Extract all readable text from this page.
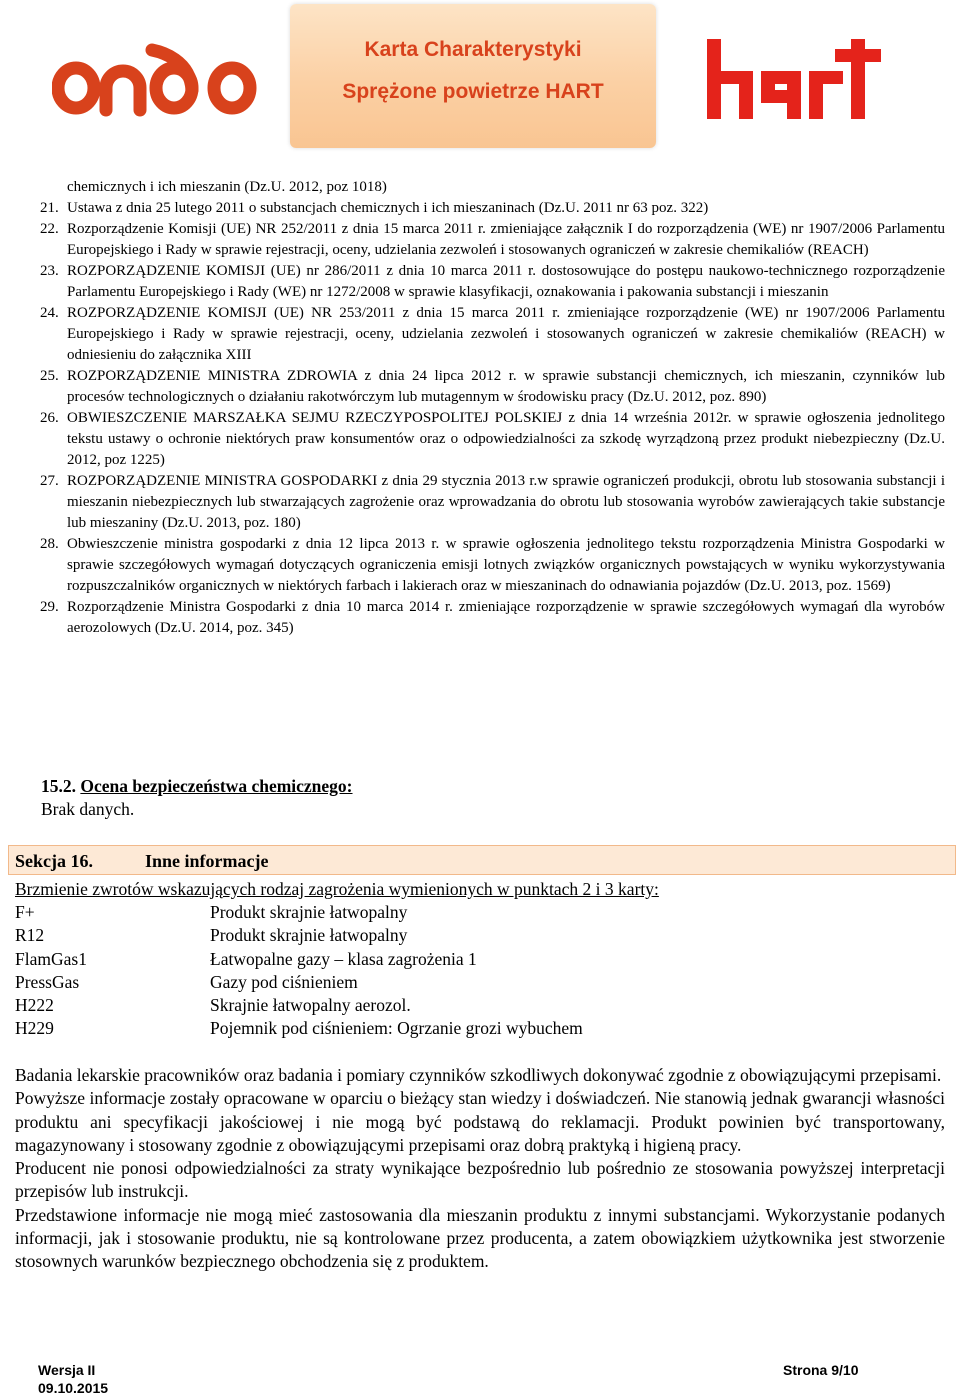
Karta Charakterystyki
Sprężone powietrze HART
chemicznych i ich mieszanin (Dz.U. 2012, poz 1018)
21. Ustawa z dnia 25 lutego 2011 o substancjach chemicznych i ich mieszaninach (Dz.U. 2011 nr 63 poz. 322)
22. Rozporządzenie Komisji (UE) NR 252/2011 z dnia 15 marca 2011 r. zmieniające załącznik I do rozporządzenia (WE) nr 1907/2006 Parlamentu Europejskiego i Rady w sprawie rejestracji, oceny, udzielania zezwoleń i stosowanych ograniczeń w zakresie chemikaliów (REACH)
23. ROZPORZĄDZENIE KOMISJI (UE) nr 286/2011 z dnia 10 marca 2011 r. dostosowujące do postępu naukowo-technicznego rozporządzenie Parlamentu Europejskiego i Rady (WE) nr 1272/2008 w sprawie klasyfikacji, oznakowania i pakowania substancji i mieszanin
24. ROZPORZĄDZENIE KOMISJI (UE) NR 253/2011 z dnia 15 marca 2011 r. zmieniające rozporządzenie (WE) nr 1907/2006 Parlamentu Europejskiego i Rady w sprawie rejestracji, oceny, udzielania zezwoleń i stosowanych ograniczeń w zakresie chemikaliów (REACH) w odniesieniu do załącznika XIII
25. ROZPORZĄDZENIE MINISTRA ZDROWIA z dnia 24 lipca 2012 r. w sprawie substancji chemicznych, ich mieszanin, czynników lub procesów technologicznych o działaniu rakotwórczym lub mutagennym w środowisku pracy (Dz.U. 2012, poz. 890)
26. OBWIESZCZENIE MARSZAŁKA SEJMU RZECZYPOSPOLITEJ POLSKIEJ z dnia 14 września 2012r. w sprawie ogłoszenia jednolitego tekstu ustawy o ochronie niektórych praw konsumentów oraz o odpowiedzialności za szkodę wyrządzoną przez produkt niebezpieczny (Dz.U. 2012, poz 1225)
27. ROZPORZĄDZENIE MINISTRA GOSPODARKI z dnia 29 stycznia 2013 r.w sprawie ograniczeń produkcji, obrotu lub stosowania substancji i mieszanin niebezpiecznych lub stwarzających zagrożenie oraz wprowadzania do obrotu lub stosowania wyrobów zawierających takie substancje lub mieszaniny (Dz.U. 2013, poz. 180)
28. Obwieszczenie ministra gospodarki z dnia 12 lipca 2013 r. w sprawie ogłoszenia jednolitego tekstu rozporządzenia Ministra Gospodarki w sprawie szczegółowych wymagań dotyczących ograniczenia emisji lotnych związków organicznych powstających w wyniku wykorzystywania rozpuszczalników organicznych w niektórych farbach i lakierach oraz w mieszaninach do odnawiania pojazdów (Dz.U. 2013, poz. 1569)
29. Rozporządzenie Ministra Gospodarki z dnia 10 marca 2014 r. zmieniające rozporządzenie w sprawie szczegółowych wymagań dla wyrobów aerozolowych (Dz.U. 2014, poz. 345)
15.2. Ocena bezpieczeństwa chemicznego:
Brak danych.
Sekcja 16.	Inne informacje
Brzmienie zwrotów wskazujących rodzaj zagrożenia wymienionych w punktach 2 i 3 karty:
F+	Produkt skrajnie łatwopalny
R12	Produkt skrajnie łatwopalny
FlamGas1	Łatwopalne gazy – klasa zagrożenia 1
PressGas	Gazy pod ciśnieniem
H222	Skrajnie łatwopalny aerozol.
H229	Pojemnik pod ciśnieniem: Ogrzanie grozi wybuchem

Badania lekarskie pracowników oraz badania i pomiary czynników szkodliwych dokonywać zgodnie z obowiązującymi przepisami.

Powyższe informacje zostały opracowane w oparciu o bieżący stan wiedzy i doświadczeń. Nie stanowią jednak gwarancji własności produktu ani specyfikacji jakościowej i nie mogą być podstawą do reklamacji. Produkt powinien być transportowany, magazynowany i stosowany zgodnie z obowiązującymi przepisami oraz dobrą praktyką i higieną pracy.

Producent nie ponosi odpowiedzialności za straty wynikające bezpośrednio lub pośrednio ze stosowania powyższej interpretacji przepisów lub instrukcji.

Przedstawione informacje nie mogą mieć zastosowania dla mieszanin produktu z innymi substancjami. Wykorzystanie podanych informacji, jak i stosowanie produktu, nie są kontrolowane przez producenta, a zatem obowiązkiem użytkownika jest stworzenie stosownych warunków bezpiecznego obchodzenia się z produktem.

Wersja II
09.10.2015
Strona 9/10
